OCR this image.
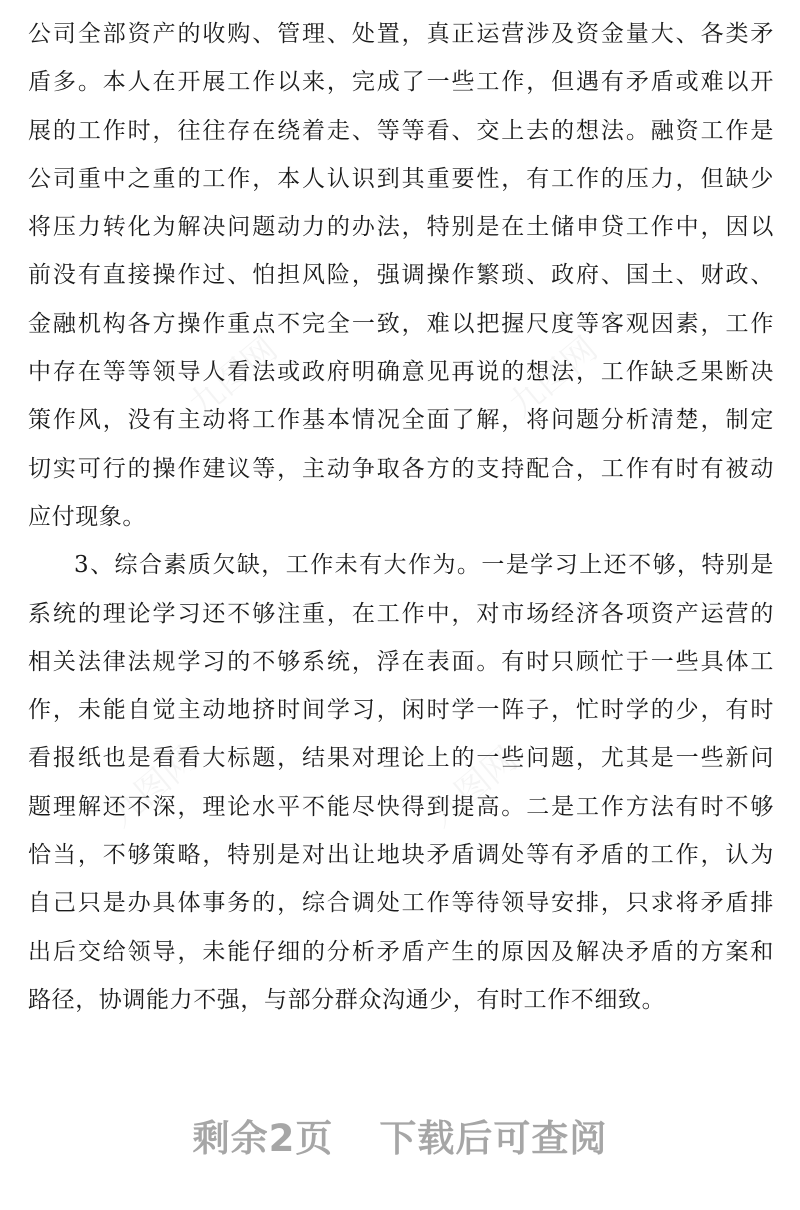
公司全部资产的收购、管理、处置，真正运营涉及资金量大、各类矛
盾多。本人在开展工作以来，完成了一些工作，但遇有矛盾或难以开
展的工作时，往往存在绕着走、等等看、交上去的想法。融资工作是
公司重中之重的工作，本人认识到其重要性，有工作的压力，但缺少
将压力转化为解决问题动力的办法，特别是在土储申贷工作中，因以
前没有直接操作过、怕担风险，强调操作繁琐、政府、国土、财政、
金融机构各方操作重点不完全一致，难以把握尺度等客观因素，工作
中存在等等领导人看法或政府明确意见再说的想法，工作缺乏果断决
策作风，没有主动将工作基本情况全面了解，将问题分析清楚，制定
切实可行的操作建议等，主动争取各方的支持配合，工作有时有被动
应付现象。
3、综合素质欠缺，工作未有大作为。一是学习上还不够，特别是
系统的理论学习还不够注重，在工作中，对市场经济各项资产运营的
相关法律法规学习的不够系统，浮在表面。有时只顾忙于一些具体工
作，未能自觉主动地挤时间学习，闲时学一阵子，忙时学的少，有时
看报纸也是看看大标题，结果对理论上的一些问题，尤其是一些新问
题理解还不深，理论水平不能尽快得到提高。二是工作方法有时不够
恰当，不够策略，特别是对出让地块矛盾调处等有矛盾的工作，认为
自己只是办具体事务的，综合调处工作等待领导安排，只求将矛盾排
出后交给领导，未能仔细的分析矛盾产生的原因及解决矛盾的方案和
路径，协调能力不强，与部分群众沟通少，有时工作不细致。
剩余2页 下载后可查阅
